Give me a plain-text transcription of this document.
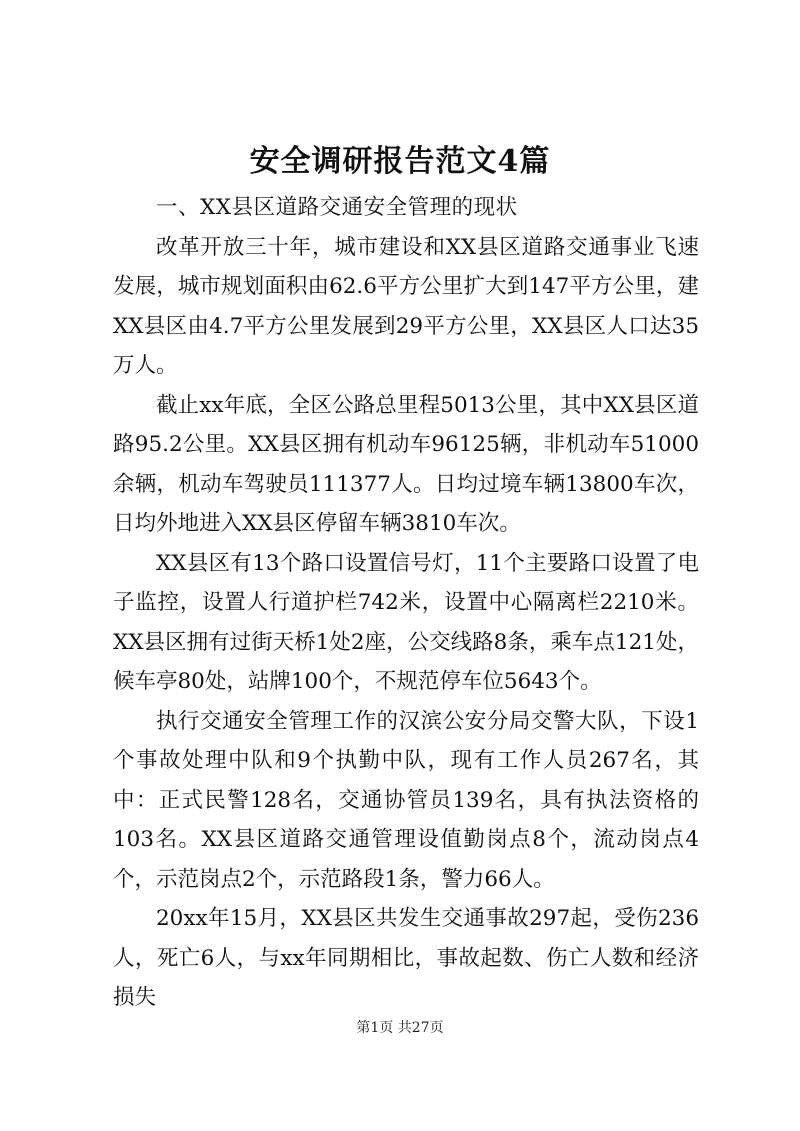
安全调研报告范文4篇

一、XX县区道路交通安全管理的现状

改革开放三十年，城市建设和XX县区道路交通事业飞速发展，城市规划面积由62.6平方公里扩大到147平方公里，建XX县区由4.7平方公里发展到29平方公里，XX县区人口达35万人。

截止xx年底，全区公路总里程5013公里，其中XX县区道路95.2公里。XX县区拥有机动车96125辆，非机动车51000余辆，机动车驾驶员111377人。日均过境车辆13800车次，日均外地进入XX县区停留车辆3810车次。

XX县区有13个路口设置信号灯，11个主要路口设置了电子监控，设置人行道护栏742米，设置中心隔离栏2210米。XX县区拥有过街天桥1处2座，公交线路8条，乘车点121处，候车亭80处，站牌100个，不规范停车位5643个。

执行交通安全管理工作的汉滨公安分局交警大队，下设1个事故处理中队和9个执勤中队，现有工作人员267名，其中：正式民警128名，交通协管员139名，具有执法资格的103名。XX县区道路交通管理设值勤岗点8个，流动岗点4个，示范岗点2个，示范路段1条，警力66人。

20xx年15月，XX县区共发生交通事故297起，受伤236人，死亡6人，与xx年同期相比，事故起数、伤亡人数和经济损失

第1页 共27页
